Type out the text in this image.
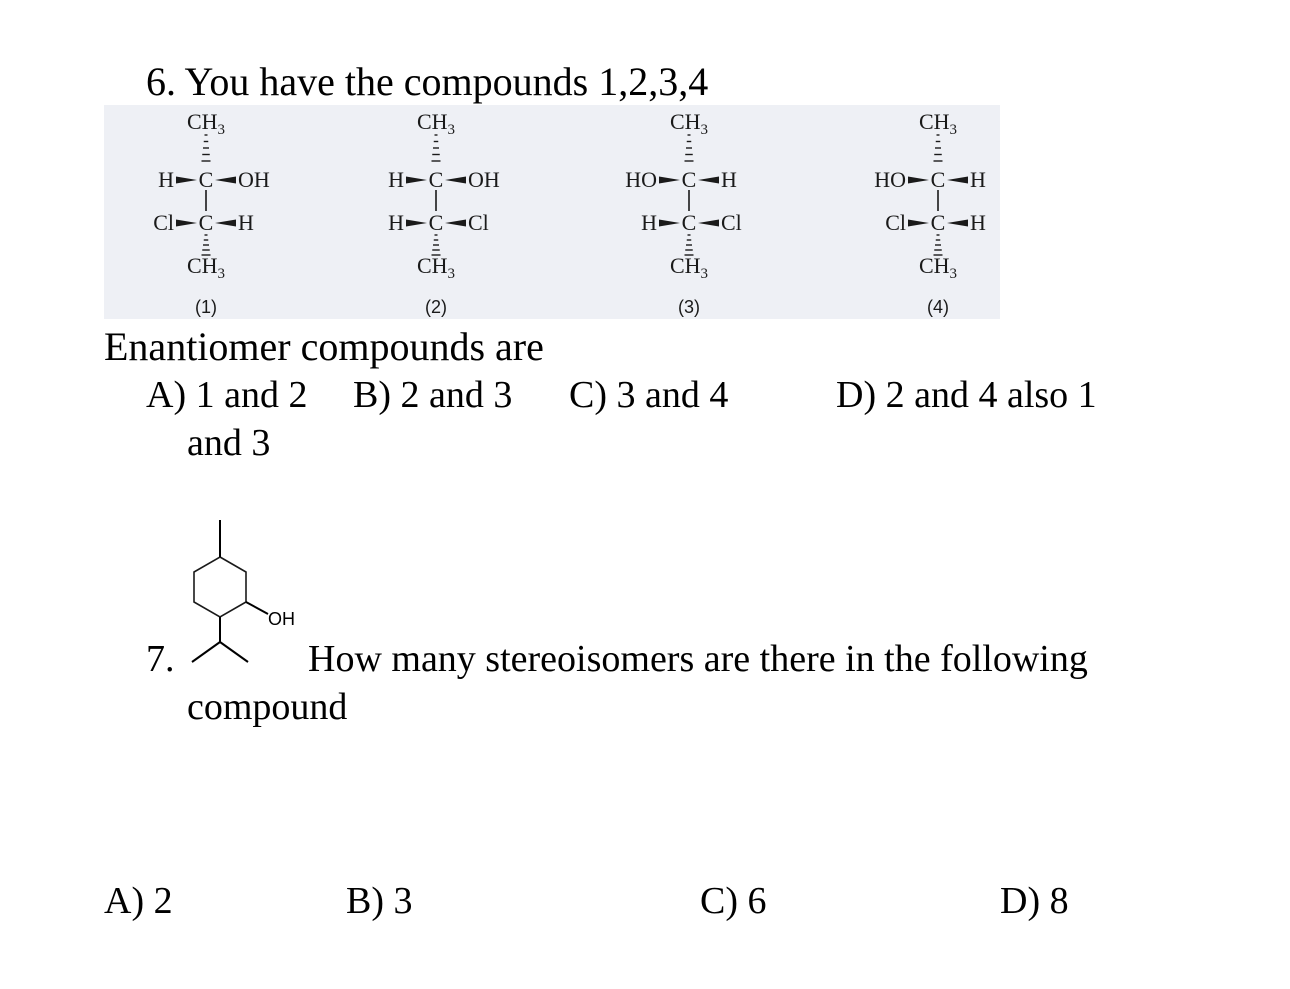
6. You have the compounds 1,2,3,4
$CH_3$
C
C
$CH_3$
H	OH
Cl	H
(1)
$CH_3$
C
C
$CH_3$
H	OH
H	Cl
(2)
$CH_3$
C
C
$CH_3$
HO	H
H	Cl
(3)
$CH_3$
C
C
$CH_3$
HO	H
Cl	H
(4)
Enantiomer compounds are
A) 1 and 2 B) 2 and 3 C) 3 and 4	D) 2 and 4 also 1
and 3
OH
7.	How many stereoisomers are there in the following
compound
A) 2	B) 3	C) 6	D) 8
